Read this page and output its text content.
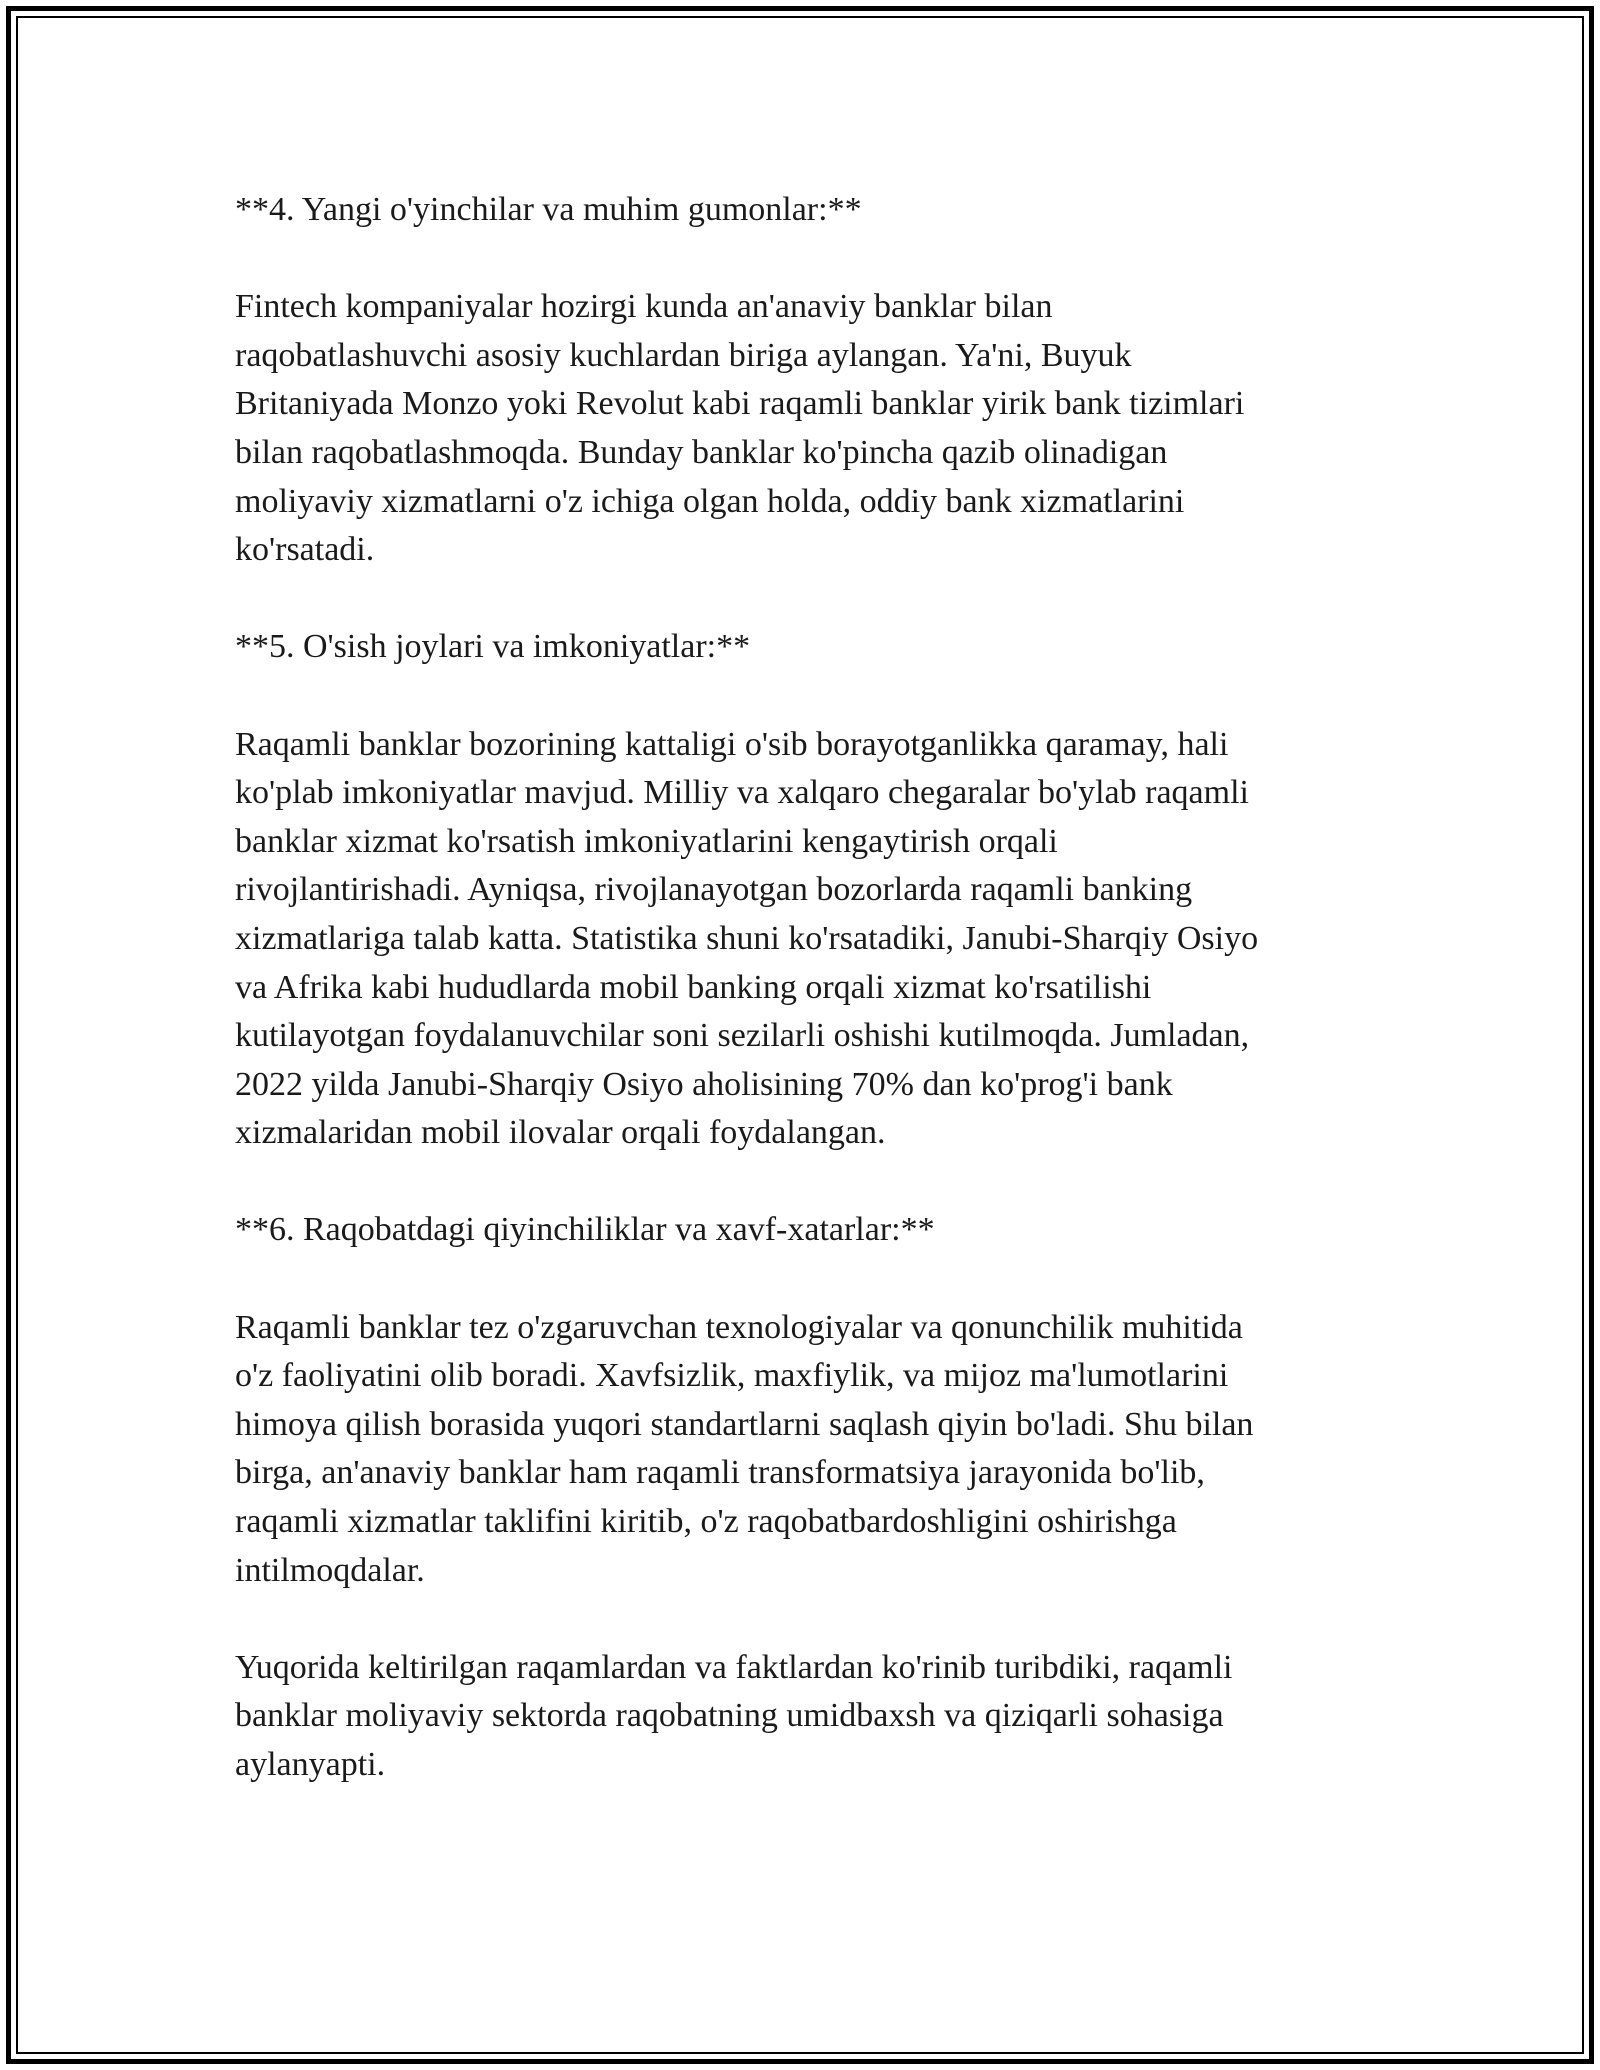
**4. Yangi o'yinchilar va muhim gumonlar:**

Fintech kompaniyalar hozirgi kunda an'anaviy banklar bilan

raqobatlashuvchi asosiy kuchlardan biriga aylangan. Ya'ni, Buyuk

Britaniyada Monzo yoki Revolut kabi raqamli banklar yirik bank tizimlari

bilan raqobatlashmoqda. Bunday banklar ko'pincha qazib olinadigan

moliyaviy xizmatlarni o'z ichiga olgan holda, oddiy bank xizmatlarini

ko'rsatadi.

**5. O'sish joylari va imkoniyatlar:**

Raqamli banklar bozorining kattaligi o'sib borayotganlikka qaramay, hali

ko'plab imkoniyatlar mavjud. Milliy va xalqaro chegaralar bo'ylab raqamli

banklar xizmat ko'rsatish imkoniyatlarini kengaytirish orqali

rivojlantirishadi. Ayniqsa, rivojlanayotgan bozorlarda raqamli banking

xizmatlariga talab katta. Statistika shuni ko'rsatadiki, Janubi-Sharqiy Osiyo

va Afrika kabi hududlarda mobil banking orqali xizmat ko'rsatilishi

kutilayotgan foydalanuvchilar soni sezilarli oshishi kutilmoqda. Jumladan,

2022 yilda Janubi-Sharqiy Osiyo aholisining 70% dan ko'prog'i bank

xizmalaridan mobil ilovalar orqali foydalangan.

**6. Raqobatdagi qiyinchiliklar va xavf-xatarlar:**

Raqamli banklar tez o'zgaruvchan texnologiyalar va qonunchilik muhitida

o'z faoliyatini olib boradi. Xavfsizlik, maxfiylik, va mijoz ma'lumotlarini

himoya qilish borasida yuqori standartlarni saqlash qiyin bo'ladi. Shu bilan

birga, an'anaviy banklar ham raqamli transformatsiya jarayonida bo'lib,

raqamli xizmatlar taklifini kiritib, o'z raqobatbardoshligini oshirishga

intilmoqdalar.

Yuqorida keltirilgan raqamlardan va faktlardan ko'rinib turibdiki, raqamli

banklar moliyaviy sektorda raqobatning umidbaxsh va qiziqarli sohasiga

aylanyapti.
